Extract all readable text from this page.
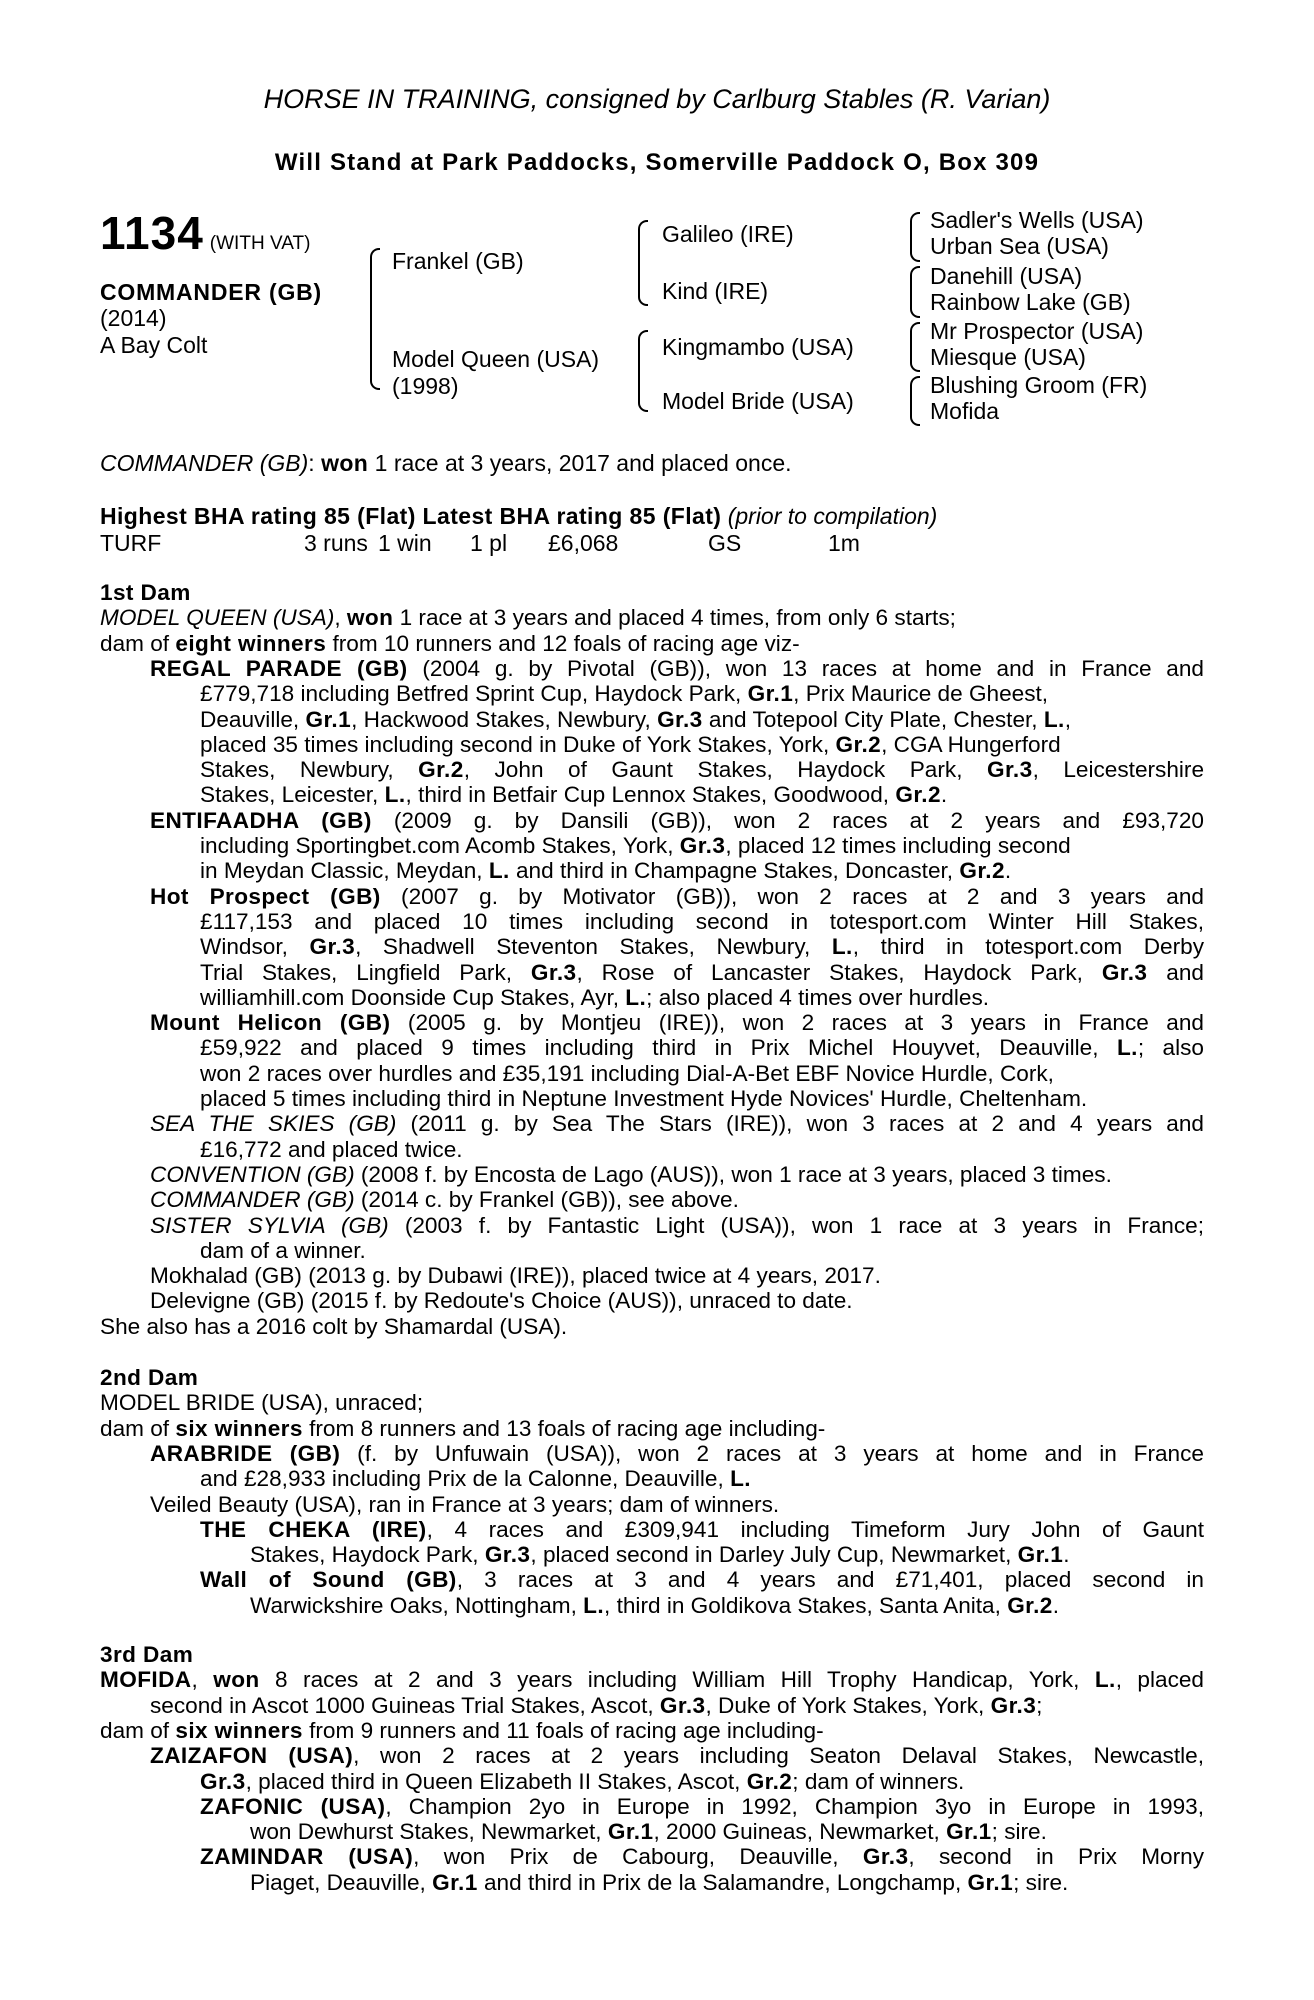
HORSE IN TRAINING, consigned by Carlburg Stables (R. Varian)
Will Stand at Park Paddocks, Somerville Paddock O, Box 309
1134 (WITH VAT)
COMMANDER (GB)
(2014)
A Bay Colt
Frankel (GB)
Model Queen (USA)
(1998)
Galileo (IRE)
Kind (IRE)
Kingmambo (USA)
Model Bride (USA)
Sadler's Wells (USA)
Urban Sea (USA)
Danehill (USA)
Rainbow Lake (GB)
Mr Prospector (USA)
Miesque (USA)
Blushing Groom (FR)
Mofida
COMMANDER (GB): won 1 race at 3 years, 2017 and placed once.
Highest BHA rating 85 (Flat) Latest BHA rating 85 (Flat) (prior to compilation)
TURF	3 runs 1 win 1 pl £6,068	GS	1m
1st Dam
MODEL QUEEN (USA), won 1 race at 3 years and placed 4 times, from only 6 starts;
dam of eight winners from 10 runners and 12 foals of racing age viz-
REGAL PARADE (GB) (2004 g. by Pivotal (GB)), won 13 races at home and in France and
£779,718 including Betfred Sprint Cup, Haydock Park, Gr.1, Prix Maurice de Gheest,
Deauville, Gr.1, Hackwood Stakes, Newbury, Gr.3 and Totepool City Plate, Chester, L.,
placed 35 times including second in Duke of York Stakes, York, Gr.2, CGA Hungerford
Stakes, Newbury, Gr.2, John of Gaunt Stakes, Haydock Park, Gr.3, Leicestershire
Stakes, Leicester, L., third in Betfair Cup Lennox Stakes, Goodwood, Gr.2.
ENTIFAADHA (GB) (2009 g. by Dansili (GB)), won 2 races at 2 years and £93,720
including Sportingbet.com Acomb Stakes, York, Gr.3, placed 12 times including second
in Meydan Classic, Meydan, L. and third in Champagne Stakes, Doncaster, Gr.2.
Hot Prospect (GB) (2007 g. by Motivator (GB)), won 2 races at 2 and 3 years and
£117,153 and placed 10 times including second in totesport.com Winter Hill Stakes,
Windsor, Gr.3, Shadwell Steventon Stakes, Newbury, L., third in totesport.com Derby
Trial Stakes, Lingfield Park, Gr.3, Rose of Lancaster Stakes, Haydock Park, Gr.3 and
williamhill.com Doonside Cup Stakes, Ayr, L.; also placed 4 times over hurdles.
Mount Helicon (GB) (2005 g. by Montjeu (IRE)), won 2 races at 3 years in France and
£59,922 and placed 9 times including third in Prix Michel Houyvet, Deauville, L.; also
won 2 races over hurdles and £35,191 including Dial-A-Bet EBF Novice Hurdle, Cork,
placed 5 times including third in Neptune Investment Hyde Novices' Hurdle, Cheltenham.
SEA THE SKIES (GB) (2011 g. by Sea The Stars (IRE)), won 3 races at 2 and 4 years and
£16,772 and placed twice.
CONVENTION (GB) (2008 f. by Encosta de Lago (AUS)), won 1 race at 3 years, placed 3 times.
COMMANDER (GB) (2014 c. by Frankel (GB)), see above.
SISTER SYLVIA (GB) (2003 f. by Fantastic Light (USA)), won 1 race at 3 years in France;
dam of a winner.
Mokhalad (GB) (2013 g. by Dubawi (IRE)), placed twice at 4 years, 2017.
Delevigne (GB) (2015 f. by Redoute's Choice (AUS)), unraced to date.
She also has a 2016 colt by Shamardal (USA).
2nd Dam
MODEL BRIDE (USA), unraced;
dam of six winners from 8 runners and 13 foals of racing age including-
ARABRIDE (GB) (f. by Unfuwain (USA)), won 2 races at 3 years at home and in France
and £28,933 including Prix de la Calonne, Deauville, L.
Veiled Beauty (USA), ran in France at 3 years; dam of winners.
THE CHEKA (IRE), 4 races and £309,941 including Timeform Jury John of Gaunt
Stakes, Haydock Park, Gr.3, placed second in Darley July Cup, Newmarket, Gr.1.
Wall of Sound (GB), 3 races at 3 and 4 years and £71,401, placed second in
Warwickshire Oaks, Nottingham, L., third in Goldikova Stakes, Santa Anita, Gr.2.
3rd Dam
MOFIDA, won 8 races at 2 and 3 years including William Hill Trophy Handicap, York, L., placed
second in Ascot 1000 Guineas Trial Stakes, Ascot, Gr.3, Duke of York Stakes, York, Gr.3;
dam of six winners from 9 runners and 11 foals of racing age including-
ZAIZAFON (USA), won 2 races at 2 years including Seaton Delaval Stakes, Newcastle,
Gr.3, placed third in Queen Elizabeth II Stakes, Ascot, Gr.2; dam of winners.
ZAFONIC (USA), Champion 2yo in Europe in 1992, Champion 3yo in Europe in 1993,
won Dewhurst Stakes, Newmarket, Gr.1, 2000 Guineas, Newmarket, Gr.1; sire.
ZAMINDAR (USA), won Prix de Cabourg, Deauville, Gr.3, second in Prix Morny
Piaget, Deauville, Gr.1 and third in Prix de la Salamandre, Longchamp, Gr.1; sire.
